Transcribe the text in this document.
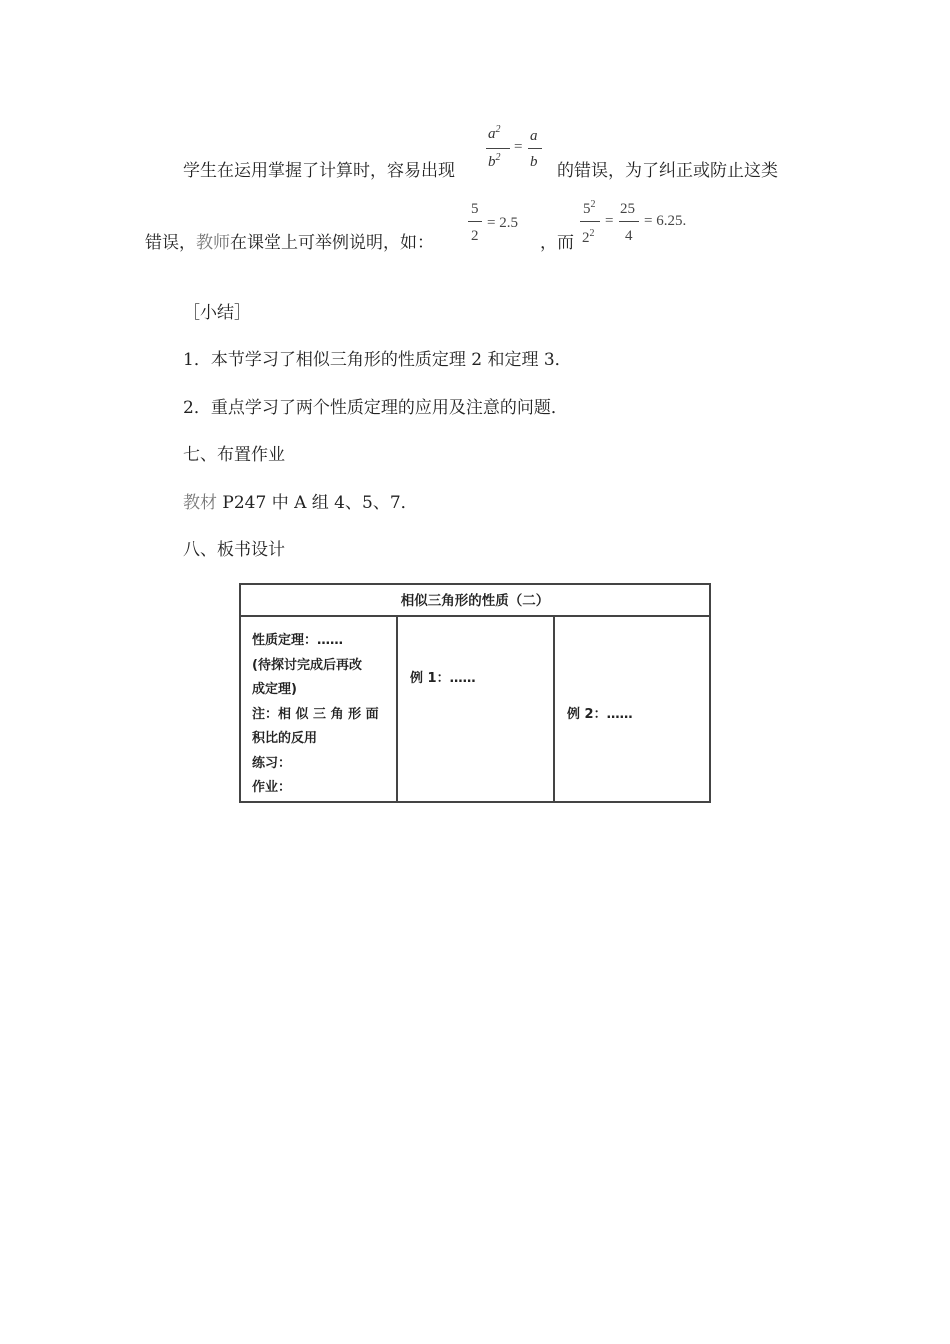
学生在运用掌握了计算时，容易出现
$a^2$
$b^2$
=
a
b 的错误，为了纠正或防止这类
错误，教师在课堂上可举例说明，如：
5
2
= 2.5
，而
$5^2$
$2^2$
=
25
4
= 6.25.
［小结］
1．本节学习了相似三角形的性质定理 2 和定理 3．
2．重点学习了两个性质定理的应用及注意的问题．
七、布置作业
教材 P247 中 A 组 4、5、7．
八、板书设计
相似三角形的性质（二）
性质定理：……
(待探讨完成后再改
成定理)
注：相 似 三 角 形 面
积比的反用
练习：
作业：
例 1：……
例 2：……
